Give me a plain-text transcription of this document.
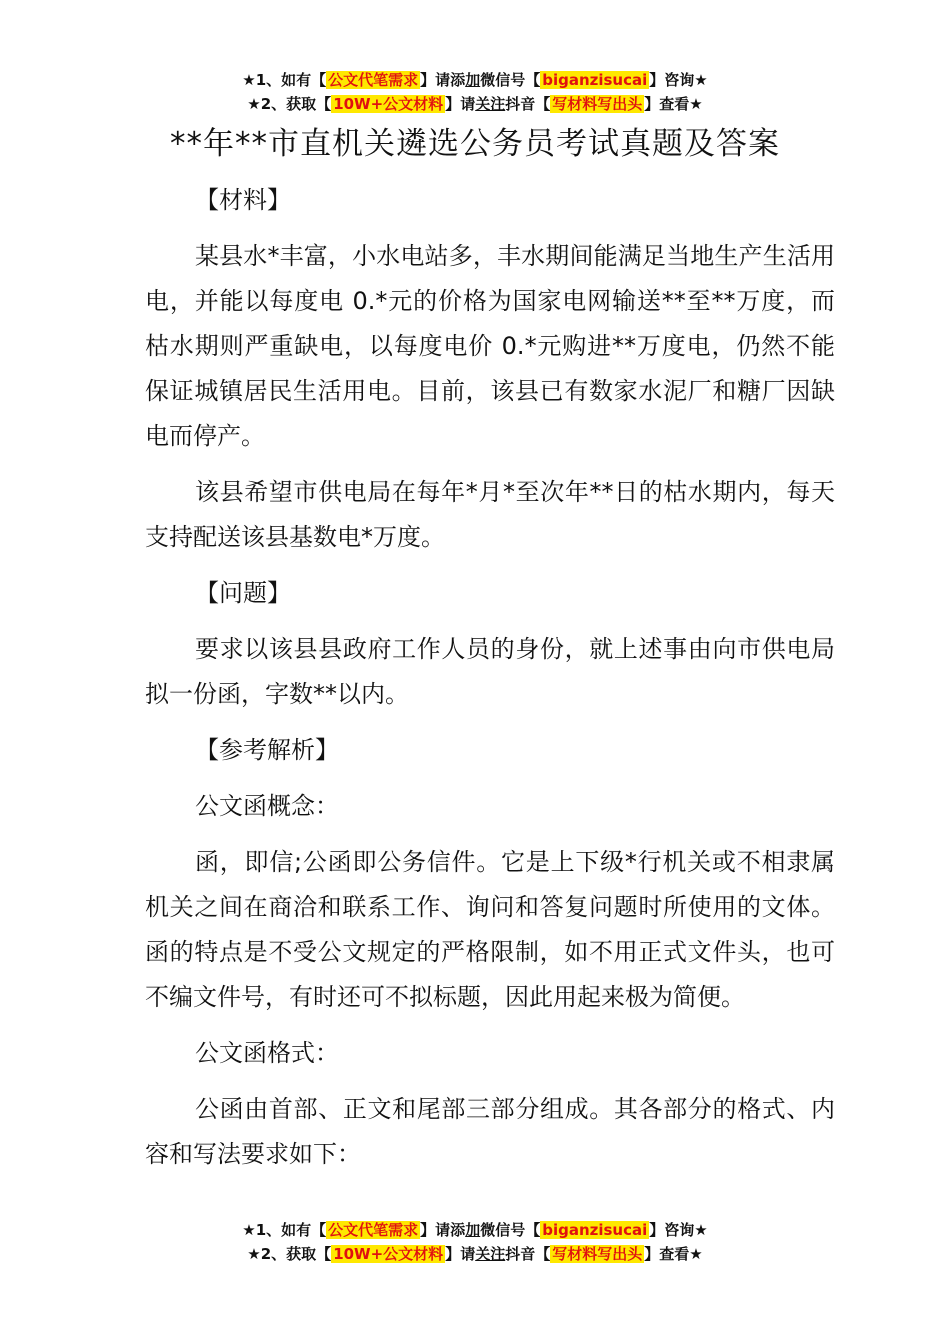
★1、如有【 公文代笔需求 】请添加微信号【 biganzisucai 】咨询★
★2、获取【 10W+公文材料 】请关注抖音【 写材料写出头 】查看★
**年**市直机关遴选公务员考试真题及答案

【材料】

某县水*丰富，小水电站多，丰水期间能满足当地生产生活用电，并能以每度电 0.*元的价格为国家电网输送**至**万度，而枯水期则严重缺电，以每度电价 0.*元购进**万度电，仍然不能保证城镇居民生活用电。目前，该县已有数家水泥厂和糖厂因缺电而停产。

该县希望市供电局在每年*月*至次年**日的枯水期内，每天支持配送该县基数电*万度。

【问题】

要求以该县县政府工作人员的身份，就上述事由向市供电局拟一份函，字数**以内。

【参考解析】

公文函概念：

函，即信;公函即公务信件。它是上下级*行机关或不相隶属机关之间在商洽和联系工作、询问和答复问题时所使用的文体。函的特点是不受公文规定的严格限制，如不用正式文件头，也可不编文件号，有时还可不拟标题，因此用起来极为简便。

公文函格式：

公函由首部、正文和尾部三部分组成。其各部分的格式、内容和写法要求如下：

★1、如有【 公文代笔需求 】请添加微信号【 biganzisucai 】咨询★
★2、获取【 10W+公文材料 】请关注抖音【 写材料写出头 】查看★
